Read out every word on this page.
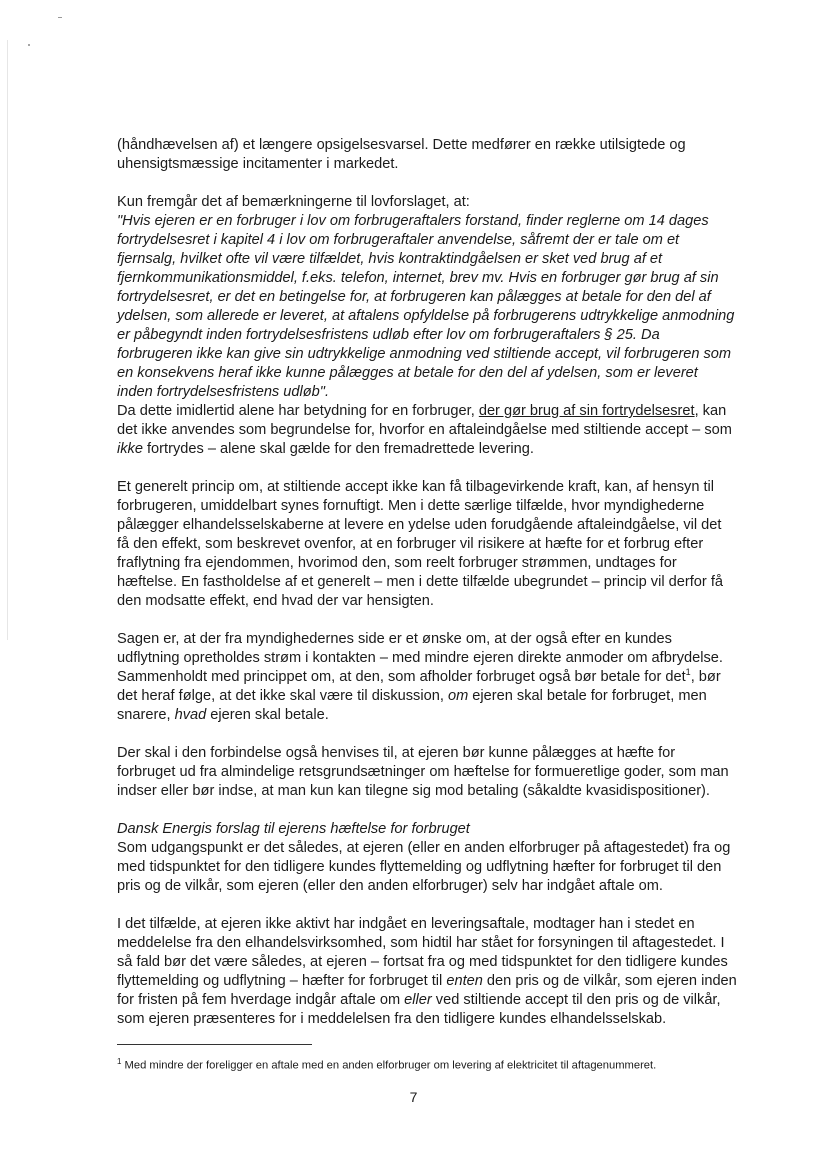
(håndhævelsen af) et længere opsigelsesvarsel. Dette medfører en række utilsigtede og uhensigtsmæssige incitamenter i markedet.

Kun fremgår det af bemærkningerne til lovforslaget, at:

"Hvis ejeren er en forbruger i lov om forbrugeraftalers forstand, finder reglerne om 14 dages fortrydelsesret i kapitel 4 i lov om forbrugeraftaler anvendelse, såfremt der er tale om et fjernsalg, hvilket ofte vil være tilfældet, hvis kontraktindgåelsen er sket ved brug af et fjernkommunikationsmiddel, f.eks. telefon, internet, brev mv. Hvis en forbruger gør brug af sin fortrydelsesret, er det en betingelse for, at forbrugeren kan pålægges at betale for den del af ydelsen, som allerede er leveret, at aftalens opfyldelse på forbrugerens udtrykkelige anmodning er påbegyndt inden fortrydelsesfristens udløb efter lov om forbrugeraftalers § 25. Da forbrugeren ikke kan give sin udtrykkelige anmodning ved stiltiende accept, vil forbrugeren som en konsekvens heraf ikke kunne pålægges at betale for den del af ydelsen, som er leveret inden fortrydelsesfristens udløb".

Da dette imidlertid alene har betydning for en forbruger, der gør brug af sin fortrydelsesret, kan det ikke anvendes som begrundelse for, hvorfor en aftaleindgåelse med stiltiende accept – som ikke fortrydes – alene skal gælde for den fremadrettede levering.

Et generelt princip om, at stiltiende accept ikke kan få tilbagevirkende kraft, kan, af hensyn til forbrugeren, umiddelbart synes fornuftigt. Men i dette særlige tilfælde, hvor myndighederne pålægger elhandelsselskaberne at levere en ydelse uden forudgående aftaleindgåelse, vil det få den effekt, som beskrevet ovenfor, at en forbruger vil risikere at hæfte for et forbrug efter fraflytning fra ejendommen, hvorimod den, som reelt forbruger strømmen, undtages for hæftelse. En fastholdelse af et generelt – men i dette tilfælde ubegrundet – princip vil derfor få den modsatte effekt, end hvad der var hensigten.

Sagen er, at der fra myndighedernes side er et ønske om, at der også efter en kundes udflytning opretholdes strøm i kontakten – med mindre ejeren direkte anmoder om afbrydelse. Sammenholdt med princippet om, at den, som afholder forbruget også bør betale for det$^1$, bør det heraf følge, at det ikke skal være til diskussion, om ejeren skal betale for forbruget, men snarere, hvad ejeren skal betale.

Der skal i den forbindelse også henvises til, at ejeren bør kunne pålægges at hæfte for forbruget ud fra almindelige retsgrundsætninger om hæftelse for formueretlige goder, som man indser eller bør indse, at man kun kan tilegne sig mod betaling (såkaldte kvasidispositioner).

Dansk Energis forslag til ejerens hæftelse for forbruget

Som udgangspunkt er det således, at ejeren (eller en anden elforbruger på aftagestedet) fra og med tidspunktet for den tidligere kundes flyttemelding og udflytning hæfter for forbruget til den pris og de vilkår, som ejeren (eller den anden elforbruger) selv har indgået aftale om.

I det tilfælde, at ejeren ikke aktivt har indgået en leveringsaftale, modtager han i stedet en meddelelse fra den elhandelsvirksomhed, som hidtil har stået for forsyningen til aftagestedet. I så fald bør det være således, at ejeren – fortsat fra og med tidspunktet for den tidligere kundes flyttemelding og udflytning – hæfter for forbruget til enten den pris og de vilkår, som ejeren inden for fristen på fem hverdage indgår aftale om eller ved stiltiende accept til den pris og de vilkår, som ejeren præsenteres for i meddelelsen fra den tidligere kundes elhandelsselskab.

$^1$ Med mindre der foreligger en aftale med en anden elforbruger om levering af elektricitet til aftagenummeret.
7
